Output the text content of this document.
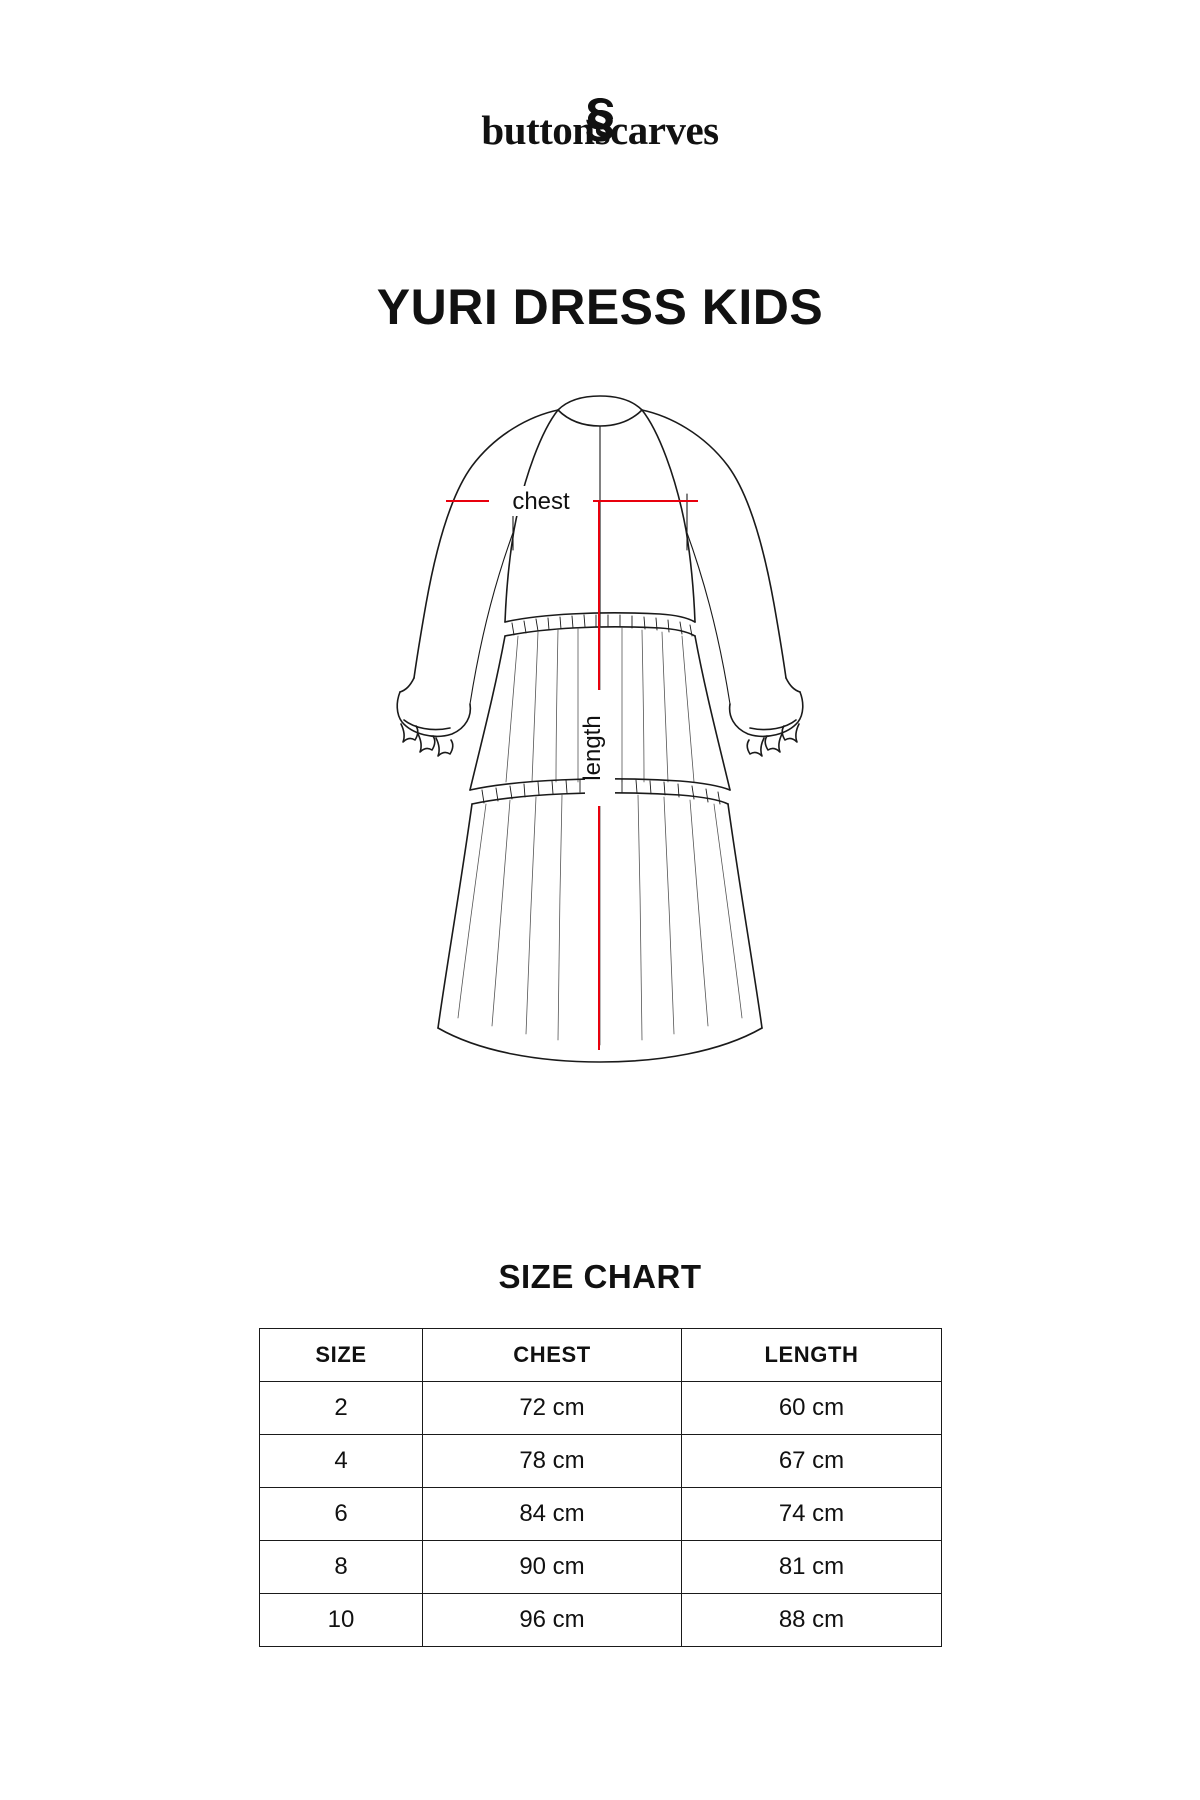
buttonscarves
YURI DRESS KIDS
chest
length
SIZE CHART
SIZE	CHEST	LENGTH
2	72 cm	60 cm
4	78 cm	67 cm
6	84 cm	74 cm
8	90 cm	81 cm
10	96 cm	88 cm
